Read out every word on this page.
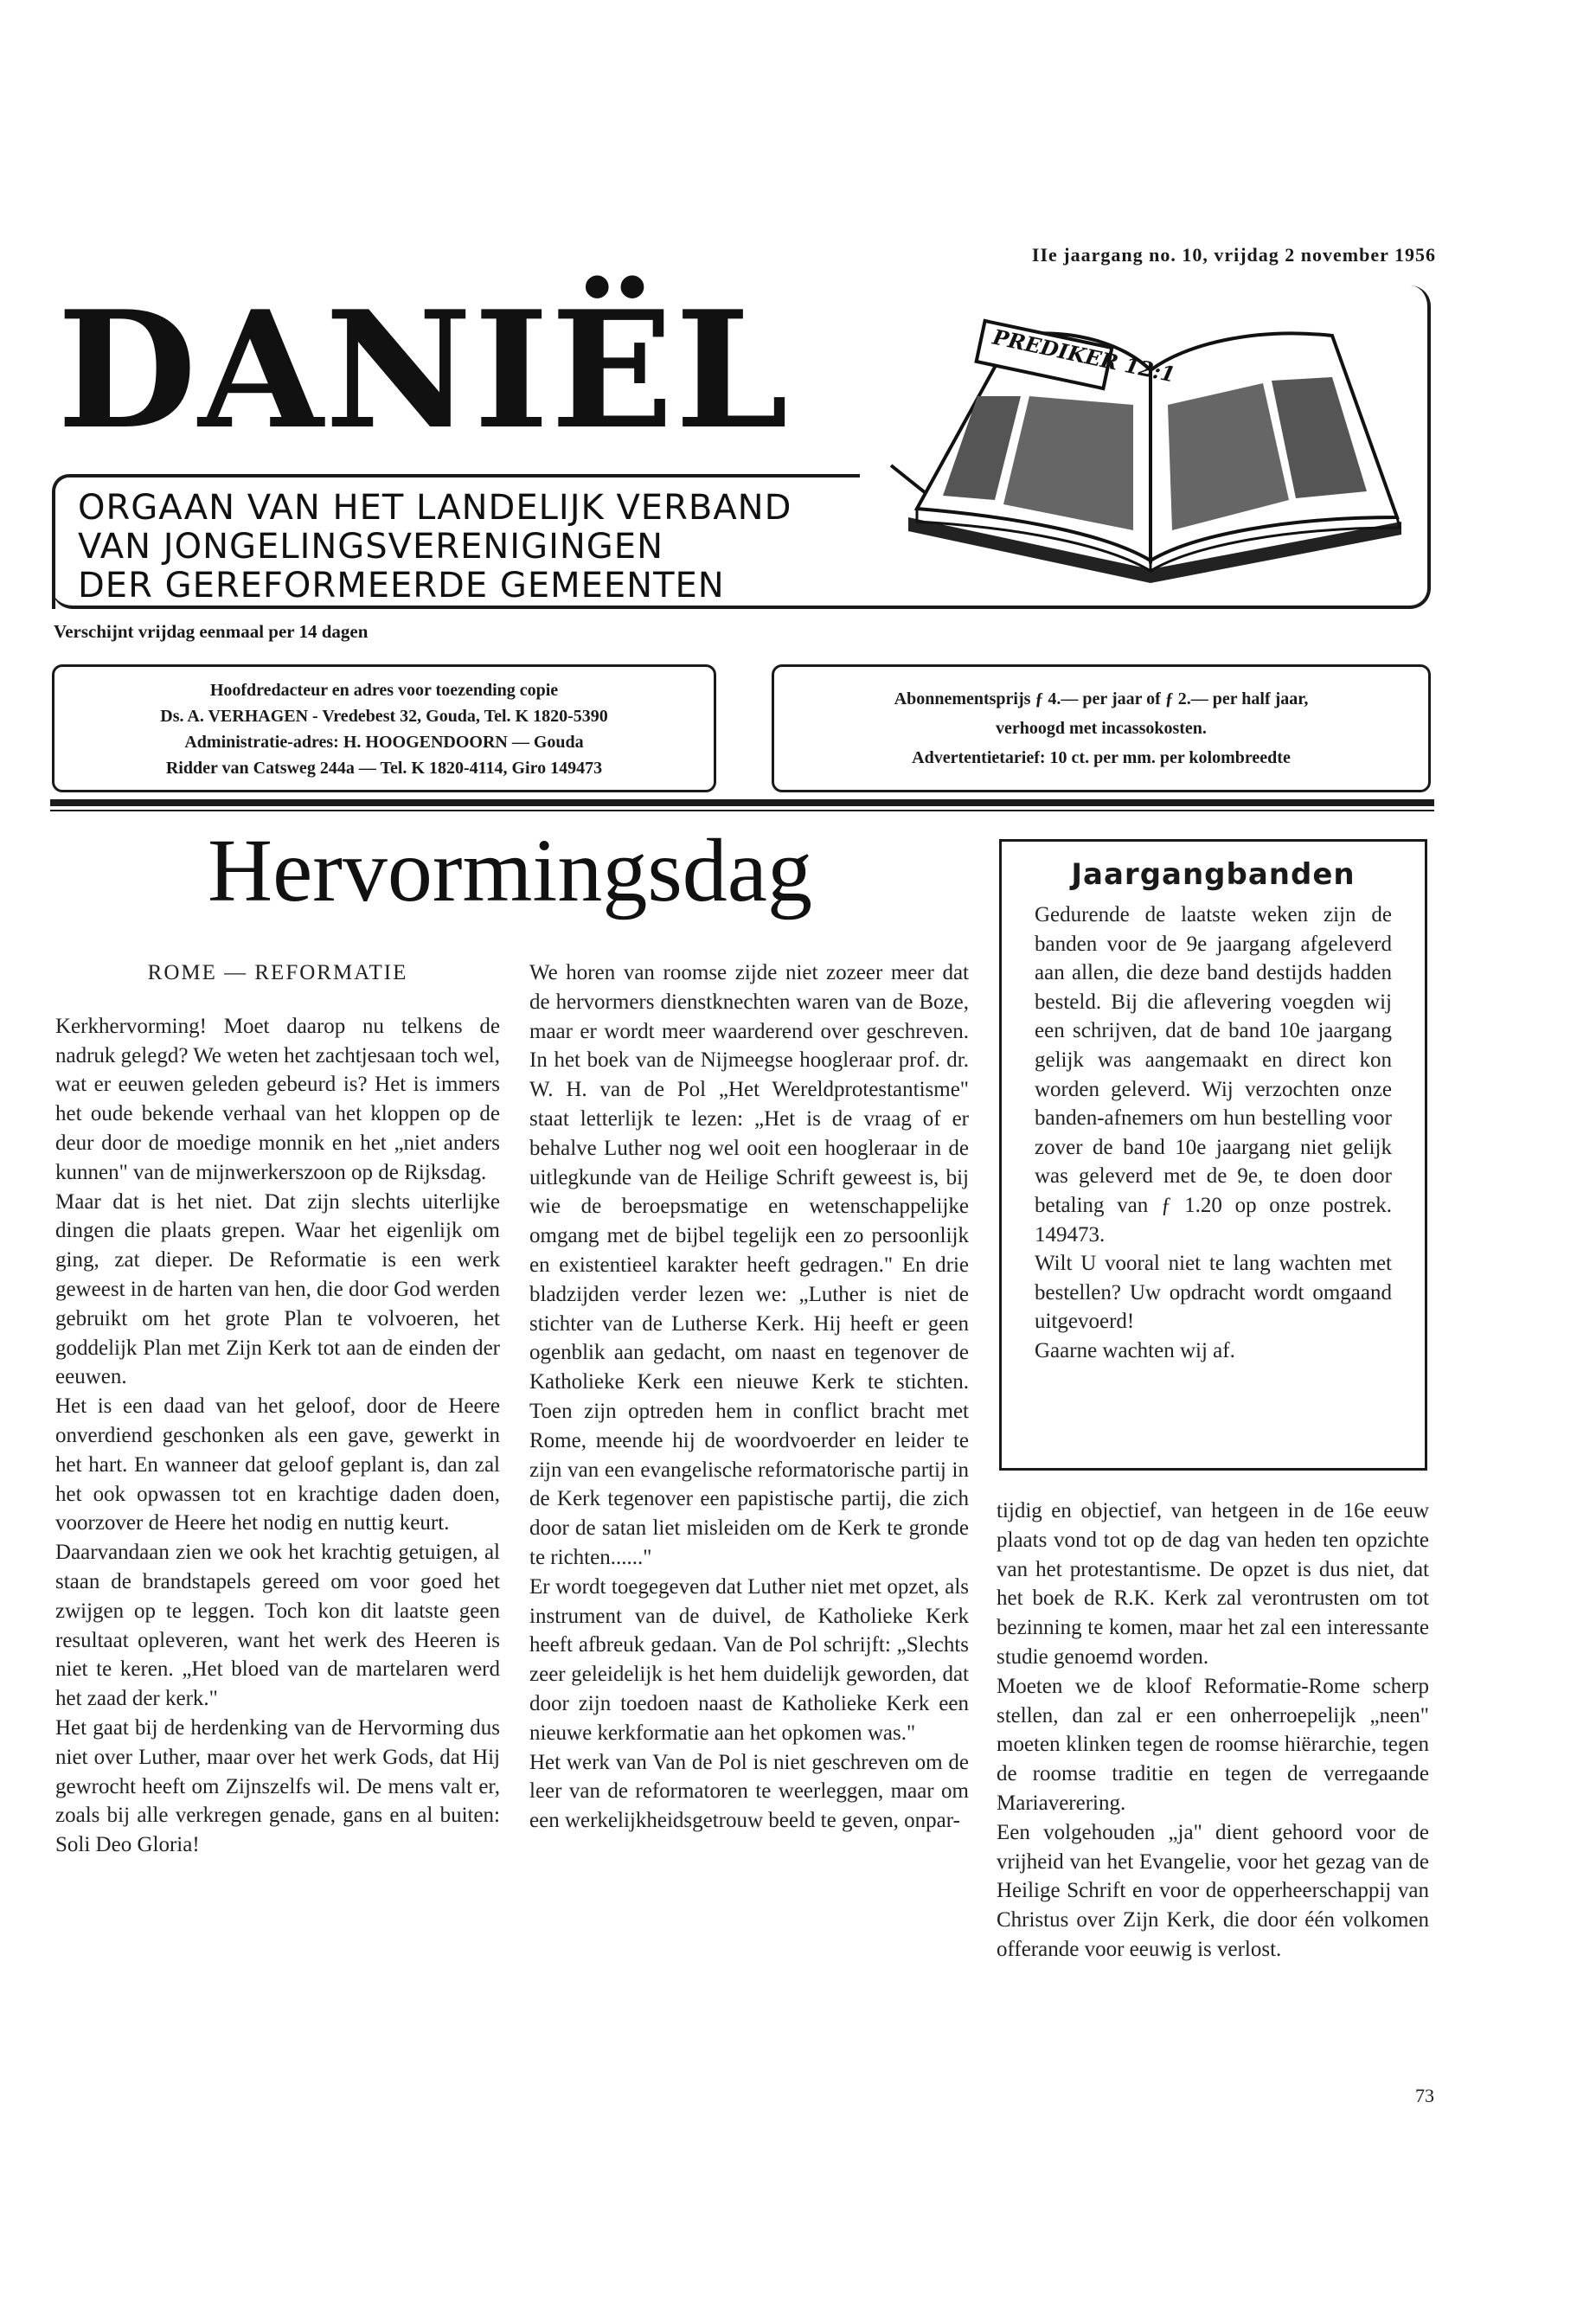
IIe jaargang no. 10, vrijdag 2 november 1956
DANIËL
ORGAAN VAN HET LANDELIJK VERBAND
VAN JONGELINGSVERENIGINGEN
DER GEREFORMEERDE GEMEENTEN
PREDIKER 12:1
Verschijnt vrijdag eenmaal per 14 dagen
Hoofdredacteur en adres voor toezending copie
Ds. A. VERHAGEN - Vredebest 32, Gouda, Tel. K 1820-5390
Administratie-adres: H. HOOGENDOORN — Gouda
Ridder van Catsweg 244a — Tel. K 1820-4114, Giro 149473
Abonnementsprijs ƒ 4.— per jaar of ƒ 2.— per half jaar,
verhoogd met incassokosten.
Advertentietarief: 10 ct. per mm. per kolombreedte
Hervormingsdag

ROME — REFORMATIE

Kerkhervorming! Moet daarop nu telkens de nadruk gelegd? We weten het zachtjesaan toch wel, wat er eeuwen geleden gebeurd is? Het is immers het oude bekende verhaal van het kloppen op de deur door de moedige monnik en het „niet anders kunnen" van de mijnwerkerszoon op de Rijksdag.

Maar dat is het niet. Dat zijn slechts uiterlijke dingen die plaats grepen. Waar het eigenlijk om ging, zat dieper. De Reformatie is een werk geweest in de harten van hen, die door God werden gebruikt om het grote Plan te volvoeren, het goddelijk Plan met Zijn Kerk tot aan de einden der eeuwen.

Het is een daad van het geloof, door de Heere onverdiend geschonken als een gave, gewerkt in het hart. En wanneer dat geloof geplant is, dan zal het ook opwassen tot en krachtige daden doen, voorzover de Heere het nodig en nuttig keurt.

Daarvandaan zien we ook het krachtig getuigen, al staan de brandstapels gereed om voor goed het zwijgen op te leggen. Toch kon dit laatste geen resultaat opleveren, want het werk des Heeren is niet te keren. „Het bloed van de martelaren werd het zaad der kerk."

Het gaat bij de herdenking van de Hervorming dus niet over Luther, maar over het werk Gods, dat Hij gewrocht heeft om Zijnszelfs wil. De mens valt er, zoals bij alle verkregen genade, gans en al buiten: Soli Deo Gloria!

We horen van roomse zijde niet zozeer meer dat de hervormers dienstknechten waren van de Boze, maar er wordt meer waarderend over geschreven. In het boek van de Nijmeegse hoogleraar prof. dr. W. H. van de Pol „Het Wereldprotestantisme" staat letterlijk te lezen: „Het is de vraag of er behalve Luther nog wel ooit een hoogleraar in de uitlegkunde van de Heilige Schrift geweest is, bij wie de beroepsmatige en wetenschappelijke omgang met de bijbel tegelijk een zo persoonlijk en existentieel karakter heeft gedragen." En drie bladzijden verder lezen we: „Luther is niet de stichter van de Lutherse Kerk. Hij heeft er geen ogenblik aan gedacht, om naast en tegenover de Katholieke Kerk een nieuwe Kerk te stichten. Toen zijn optreden hem in conflict bracht met Rome, meende hij de woordvoerder en leider te zijn van een evangelische reformatorische partij in de Kerk tegenover een papistische partij, die zich door de satan liet misleiden om de Kerk te gronde te richten......"

Er wordt toegegeven dat Luther niet met opzet, als instrument van de duivel, de Katholieke Kerk heeft afbreuk gedaan. Van de Pol schrijft: „Slechts zeer geleidelijk is het hem duidelijk geworden, dat door zijn toedoen naast de Katholieke Kerk een nieuwe kerkformatie aan het opkomen was."

Het werk van Van de Pol is niet geschreven om de leer van de reformatoren te weerleggen, maar om een werkelijkheidsgetrouw beeld te geven, onpar-

Jaargangbanden

Gedurende de laatste weken zijn de banden voor de 9e jaargang afgeleverd aan allen, die deze band destijds hadden besteld. Bij die aflevering voegden wij een schrijven, dat de band 10e jaargang gelijk was aangemaakt en direct kon worden geleverd. Wij verzochten onze banden-afnemers om hun bestelling voor zover de band 10e jaargang niet gelijk was geleverd met de 9e, te doen door betaling van ƒ 1.20 op onze postrek. 149473.

Wilt U vooral niet te lang wachten met bestellen? Uw opdracht wordt omgaand uitgevoerd!

Gaarne wachten wij af.

tijdig en objectief, van hetgeen in de 16e eeuw plaats vond tot op de dag van heden ten opzichte van het protestantisme. De opzet is dus niet, dat het boek de R.K. Kerk zal verontrusten om tot bezinning te komen, maar het zal een interessante studie genoemd worden.

Moeten we de kloof Reformatie-Rome scherp stellen, dan zal er een onherroepelijk „neen" moeten klinken tegen de roomse hiërarchie, tegen de roomse traditie en tegen de verregaande Mariaverering.

Een volgehouden „ja" dient gehoord voor de vrijheid van het Evangelie, voor het gezag van de Heilige Schrift en voor de opperheerschappij van Christus over Zijn Kerk, die door één volkomen offerande voor eeuwig is verlost.

73
